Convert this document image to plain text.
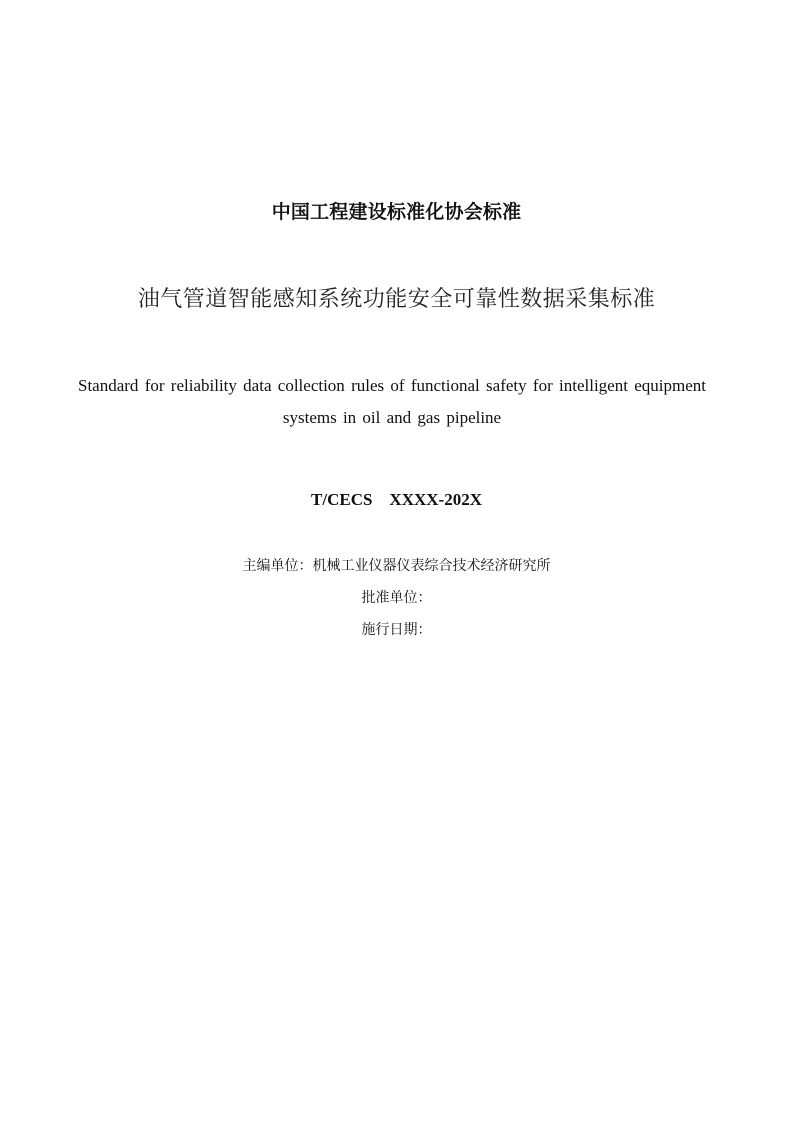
中国工程建设标准化协会标准
油气管道智能感知系统功能安全可靠性数据采集标准
Standard for reliability data collection rules of functional safety for intelligent equipment systems in oil and gas pipeline
T/CECS　XXXX-202X
主编单位：机械工业仪器仪表综合技术经济研究所
批准单位：
施行日期：
